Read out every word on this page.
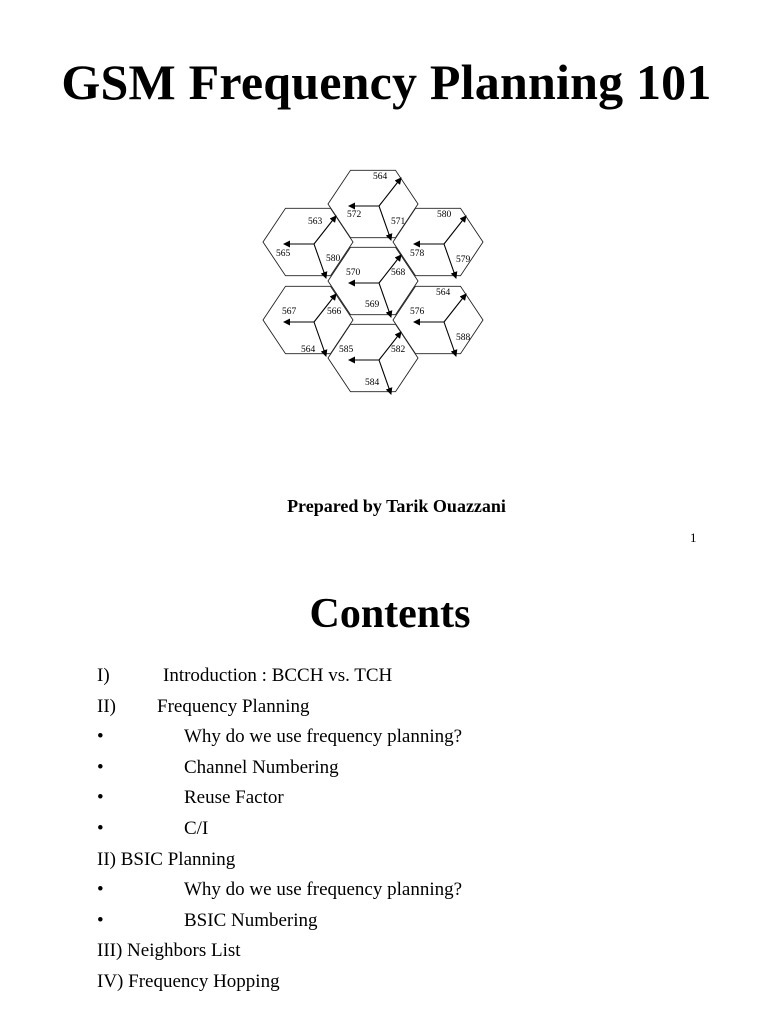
GSM Frequency Planning 101
564
572
571
580
563
565	580	578
579
570	568
569
564
576
588
567	566
564	585	582
584
Prepared by Tarik Ouazzani
1
Contents
I)	Introduction : BCCH vs. TCH
II) Frequency Planning
•	Why do we use frequency planning?
•	Channel Numbering
•	Reuse Factor
•	C/I
II) BSIC Planning
•	Why do we use frequency planning?
•	BSIC Numbering
III) Neighbors List
IV) Frequency Hopping
